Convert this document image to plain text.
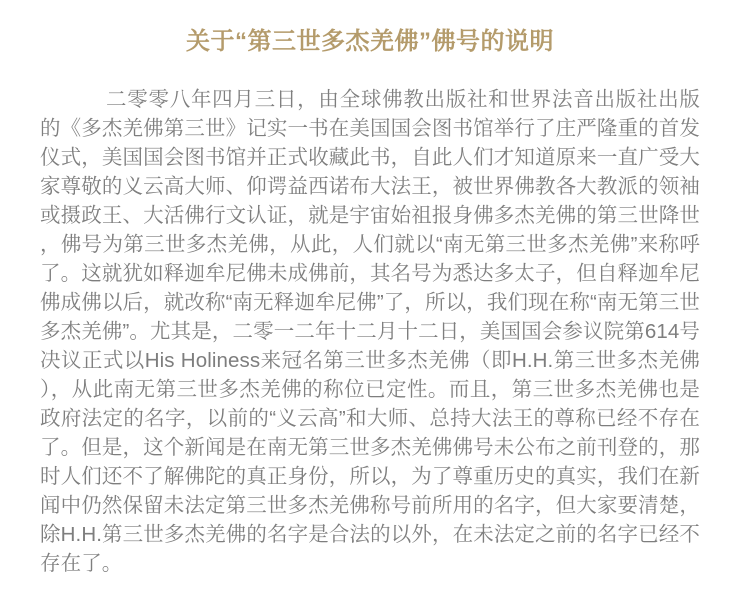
关于“第三世多杰羌佛”佛号的说明

二零零八年四月三日，由全球佛教出版社和世界法音出版社出版的《多杰羌佛第三世》记实一书在美国国会图书馆举行了庄严隆重的首发仪式，美国国会图书馆并正式收藏此书，自此人们才知道原来一直广受大家尊敬的义云高大师、仰谔益西诺布大法王，被世界佛教各大教派的领袖或摄政王、大活佛行文认证，就是宇宙始祖报身佛多杰羌佛的第三世降世，佛号为第三世多杰羌佛，从此，人们就以“南无第三世多杰羌佛”来称呼了。这就犹如释迦牟尼佛未成佛前，其名号为悉达多太子，但自释迦牟尼佛成佛以后，就改称“南无释迦牟尼佛”了，所以，我们现在称“南无第三世多杰羌佛”。尤其是，二零一二年十二月十二日，美国国会参议院第614号决议正式以His Holiness来冠名第三世多杰羌佛（即H.H.第三世多杰羌佛），从此南无第三世多杰羌佛的称位已定性。而且，第三世多杰羌佛也是政府法定的名字，以前的“义云高”和大师、总持大法王的尊称已经不存在了。但是，这个新闻是在南无第三世多杰羌佛佛号未公布之前刊登的，那时人们还不了解佛陀的真正身份，所以，为了尊重历史的真实，我们在新闻中仍然保留未法定第三世多杰羌佛称号前所用的名字，但大家要清楚，除H.H.第三世多杰羌佛的名字是合法的以外，在未法定之前的名字已经不存在了。
